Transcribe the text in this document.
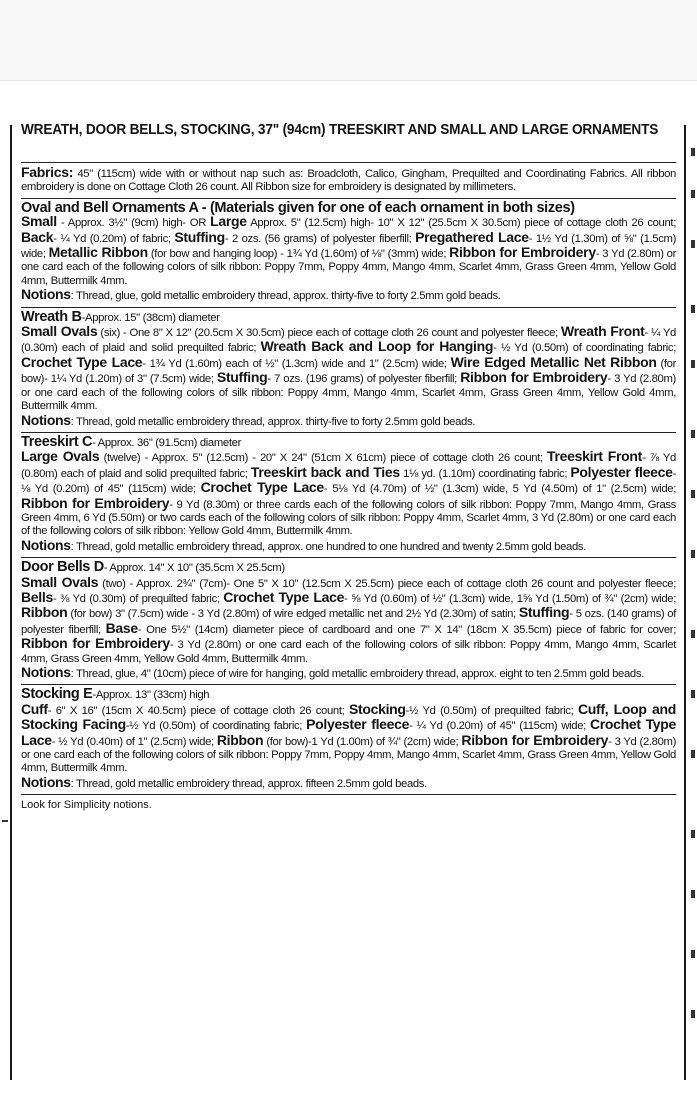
WREATH, DOOR BELLS, STOCKING, 37" (94cm) TREESKIRT AND SMALL AND LARGE ORNAMENTS

Fabrics: 45" (115cm) wide with or without nap such as: Broadcloth, Calico, Gingham, Prequilted and Coordinating Fabrics. All ribbon embroidery is done on Cottage Cloth 26 count. All Ribbon size for embroidery is designated by millimeters.

Oval and Bell Ornaments A - (Materials given for one of each ornament in both sizes)
Small - Approx. 3½" (9cm) high- OR Large Approx. 5" (12.5cm) high- 10" X 12" (25.5cm X 30.5cm) piece of cottage cloth 26 count; Back- ¼ Yd (0.20m) of fabric; Stuffing- 2 ozs. (56 grams) of polyester fiberfill; Pregathered Lace- 1½ Yd (1.30m) of ⅝" (1.5cm) wide; Metallic Ribbon (for bow and hanging loop) - 1¾ Yd (1.60m) of ⅛" (3mm) wide; Ribbon for Embroidery- 3 Yd (2.80m) or one card each of the following colors of silk ribbon: Poppy 7mm, Poppy 4mm, Mango 4mm, Scarlet 4mm, Grass Green 4mm, Yellow Gold 4mm, Buttermilk 4mm.

Notions: Thread, glue, gold metallic embroidery thread, approx. thirty-five to forty 2.5mm gold beads.

Wreath B-Approx. 15" (38cm) diameter
Small Ovals (six) - One 8" X 12" (20.5cm X 30.5cm) piece each of cottage cloth 26 count and polyester fleece; Wreath Front- ¼ Yd (0.30m) each of plaid and solid prequilted fabric; Wreath Back and Loop for Hanging- ½ Yd (0.50m) of coordinating fabric; Crochet Type Lace- 1¾ Yd (1.60m) each of ½" (1.3cm) wide and 1" (2.5cm) wide; Wire Edged Metallic Net Ribbon (for bow)- 1¼ Yd (1.20m) of 3" (7.5cm) wide; Stuffing- 7 ozs. (196 grams) of polyester fiberfill; Ribbon for Embroidery- 3 Yd (2.80m) or one card each of the following colors of silk ribbon: Poppy 4mm, Mango 4mm, Scarlet 4mm, Grass Green 4mm, Yellow Gold 4mm, Buttermilk 4mm.

Notions: Thread, gold metallic embroidery thread, approx. thirty-five to forty 2.5mm gold beads.

Treeskirt C- Approx. 36" (91.5cm) diameter
Large Ovals (twelve) - Approx. 5" (12.5cm) - 20" X 24" (51cm X 61cm) piece of cottage cloth 26 count; Treeskirt Front- ⅞ Yd (0.80m) each of plaid and solid prequilted fabric; Treeskirt back and Ties 1⅛ yd. (1.10m) coordinating fabric; Polyester fleece- ⅛ Yd (0.20m) of 45" (115cm) wide; Crochet Type Lace- 5⅛ Yd (4.70m) of ½" (1.3cm) wide, 5 Yd (4.50m) of 1" (2.5cm) wide; Ribbon for Embroidery- 9 Yd (8.30m) or three cards each of the following colors of silk ribbon: Poppy 7mm, Mango 4mm, Grass Green 4mm, 6 Yd (5.50m) or two cards each of the following colors of silk ribbon: Poppy 4mm, Scarlet 4mm, 3 Yd (2.80m) or one card each of the following colors of silk ribbon: Yellow Gold 4mm, Buttermilk 4mm.

Notions: Thread, gold metallic embroidery thread, approx. one hundred to one hundred and twenty 2.5mm gold beads.

Door Bells D- Approx. 14" X 10" (35.5cm X 25.5cm)
Small Ovals (two) - Approx. 2¾" (7cm)- One 5" X 10" (12.5cm X 25.5cm) piece each of cottage cloth 26 count and polyester fleece; Bells- ⅜ Yd (0.30m) of prequilted fabric; Crochet Type Lace- ⅝ Yd (0.60m) of ½" (1.3cm) wide, 1⅝ Yd (1.50m) of ¾" (2cm) wide; Ribbon (for bow) 3" (7.5cm) wide - 3 Yd (2.80m) of wire edged metallic net and 2½ Yd (2.30m) of satin; Stuffing- 5 ozs. (140 grams) of polyester fiberfill; Base- One 5½" (14cm) diameter piece of cardboard and one 7" X 14" (18cm X 35.5cm) piece of fabric for cover; Ribbon for Embroidery- 3 Yd (2.80m) or one card each of the following colors of silk ribbon: Poppy 4mm, Mango 4mm, Scarlet 4mm, Grass Green 4mm, Yellow Gold 4mm, Buttermilk 4mm.

Notions: Thread, glue, 4" (10cm) piece of wire for hanging, gold metallic embroidery thread, approx. eight to ten 2.5mm gold beads.

Stocking E-Approx. 13" (33cm) high
Cuff- 6" X 16" (15cm X 40.5cm) piece of cottage cloth 26 count; Stocking-½ Yd (0.50m) of prequilted fabric; Cuff, Loop and Stocking Facing-½ Yd (0.50m) of coordinating fabric; Polyester fleece- ¼ Yd (0.20m) of 45" (115cm) wide; Crochet Type Lace- ½ Yd (0.40m) of 1" (2.5cm) wide; Ribbon (for bow)-1 Yd (1.00m) of ¾" (2cm) wide; Ribbon for Embroidery- 3 Yd (2.80m) or one card each of the following colors of silk ribbon: Poppy 7mm, Poppy 4mm, Mango 4mm, Scarlet 4mm, Grass Green 4mm, Yellow Gold 4mm, Buttermilk 4mm.

Notions: Thread, gold metallic embroidery thread, approx. fifteen 2.5mm gold beads.

Look for Simplicity notions.
